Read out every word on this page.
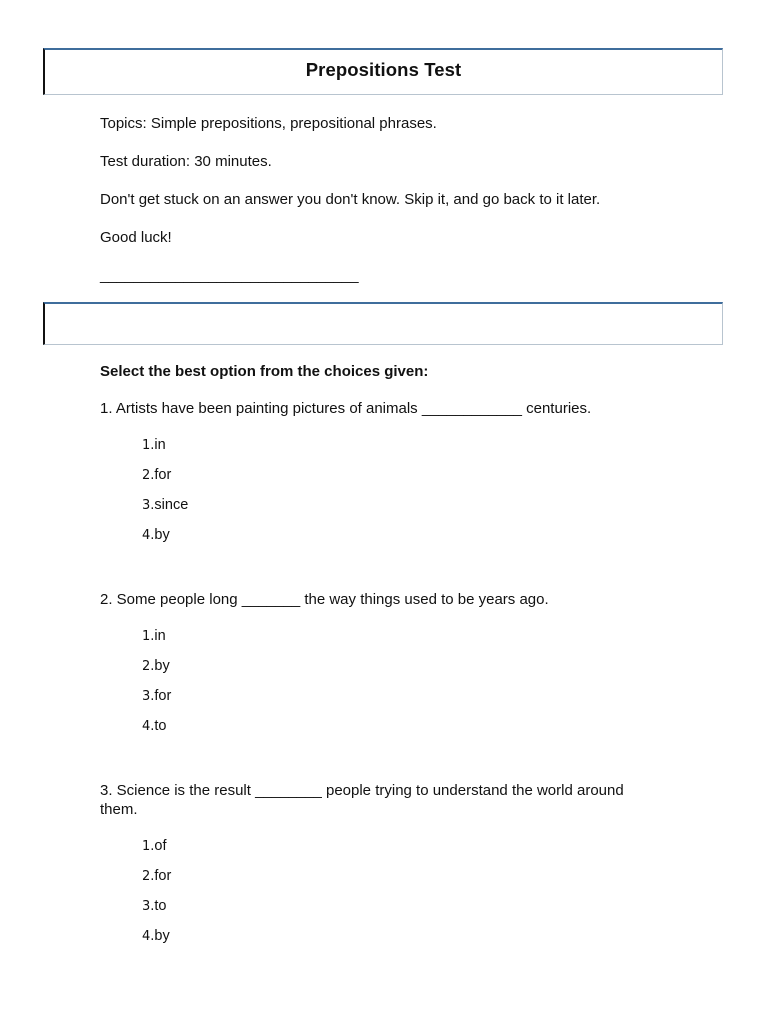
Prepositions Test

Topics: Simple prepositions, prepositional phrases.

Test duration: 30 minutes.

Don't get stuck on an answer you don't know. Skip it, and go back to it later.

Good luck!

_______________________________

Select the best option from the choices given:

1. Artists have been painting pictures of animals ____________ centuries.

1.in
2.for
3.since
4.by

2. Some people long _______ the way things used to be years ago.

1.in
2.by
3.for
4.to

3. Science is the result ________ people trying to understand the world around them.

1.of
2.for
3.to
4.by
